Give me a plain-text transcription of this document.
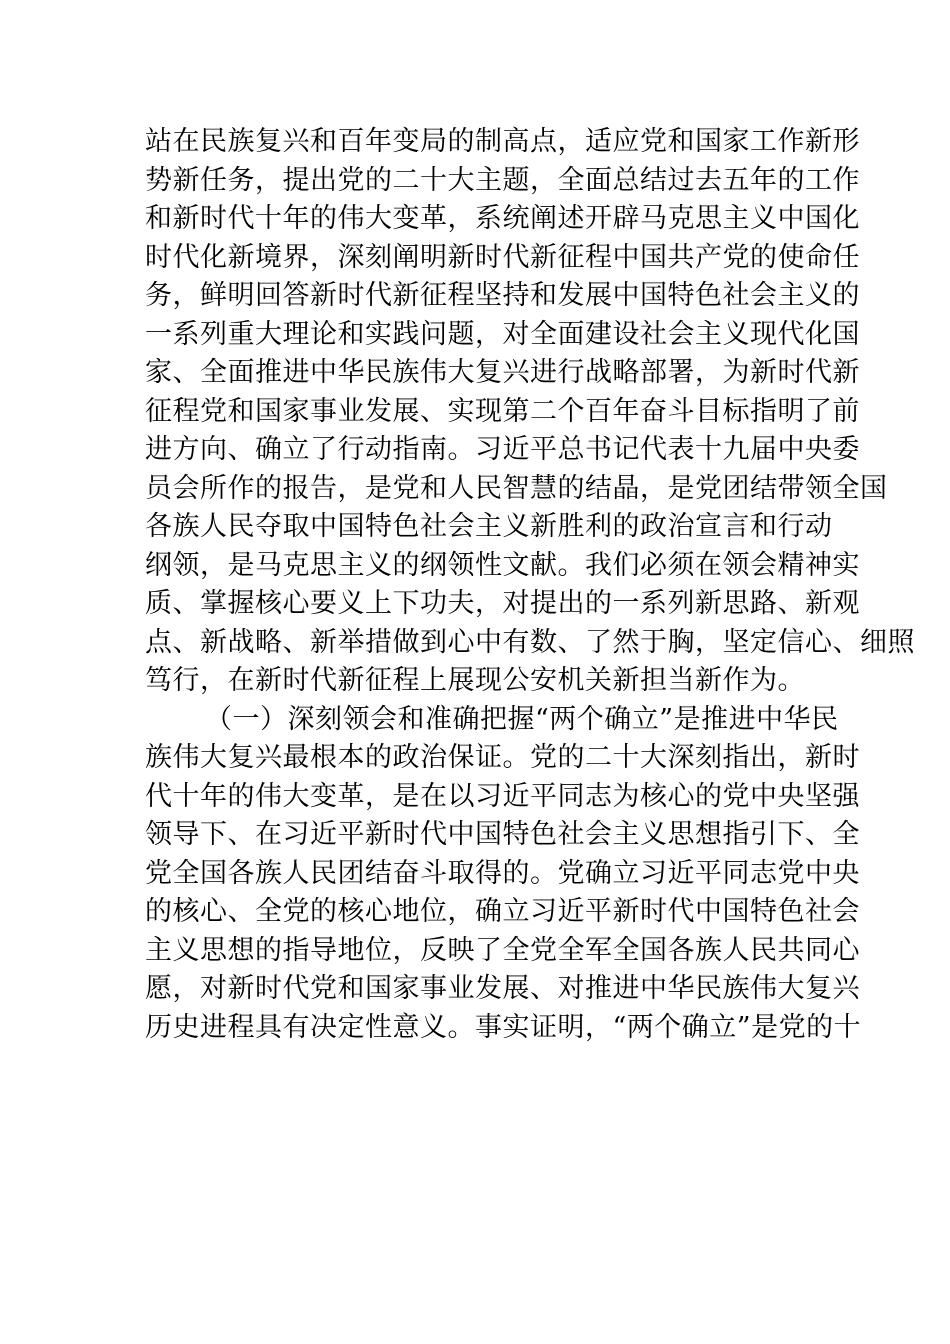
站在民族复兴和百年变局的制高点，适应党和国家工作新形
势新任务，提出党的二十大主题，全面总结过去五年的工作
和新时代十年的伟大变革，系统阐述开辟马克思主义中国化
时代化新境界，深刻阐明新时代新征程中国共产党的使命任
务，鲜明回答新时代新征程坚持和发展中国特色社会主义的
一系列重大理论和实践问题，对全面建设社会主义现代化国
家、全面推进中华民族伟大复兴进行战略部署，为新时代新
征程党和国家事业发展、实现第二个百年奋斗目标指明了前
进方向、确立了行动指南。习近平总书记代表十九届中央委
员会所作的报告，是党和人民智慧的结晶，是党团结带领全国
各族人民夺取中国特色社会主义新胜利的政治宣言和行动
纲领，是马克思主义的纲领性文献。我们必须在领会精神实
质、掌握核心要义上下功夫，对提出的一系列新思路、新观
点、新战略、新举措做到心中有数、了然于胸，坚定信心、细照
笃行，在新时代新征程上展现公安机关新担当新作为。
（一）深刻领会和准确把握“两个确立”是推进中华民
族伟大复兴最根本的政治保证。党的二十大深刻指出，新时
代十年的伟大变革，是在以习近平同志为核心的党中央坚强
领导下、在习近平新时代中国特色社会主义思想指引下、全
党全国各族人民团结奋斗取得的。党确立习近平同志党中央
的核心、全党的核心地位，确立习近平新时代中国特色社会
主义思想的指导地位，反映了全党全军全国各族人民共同心
愿，对新时代党和国家事业发展、对推进中华民族伟大复兴
历史进程具有决定性意义。事实证明，“两个确立”是党的十
